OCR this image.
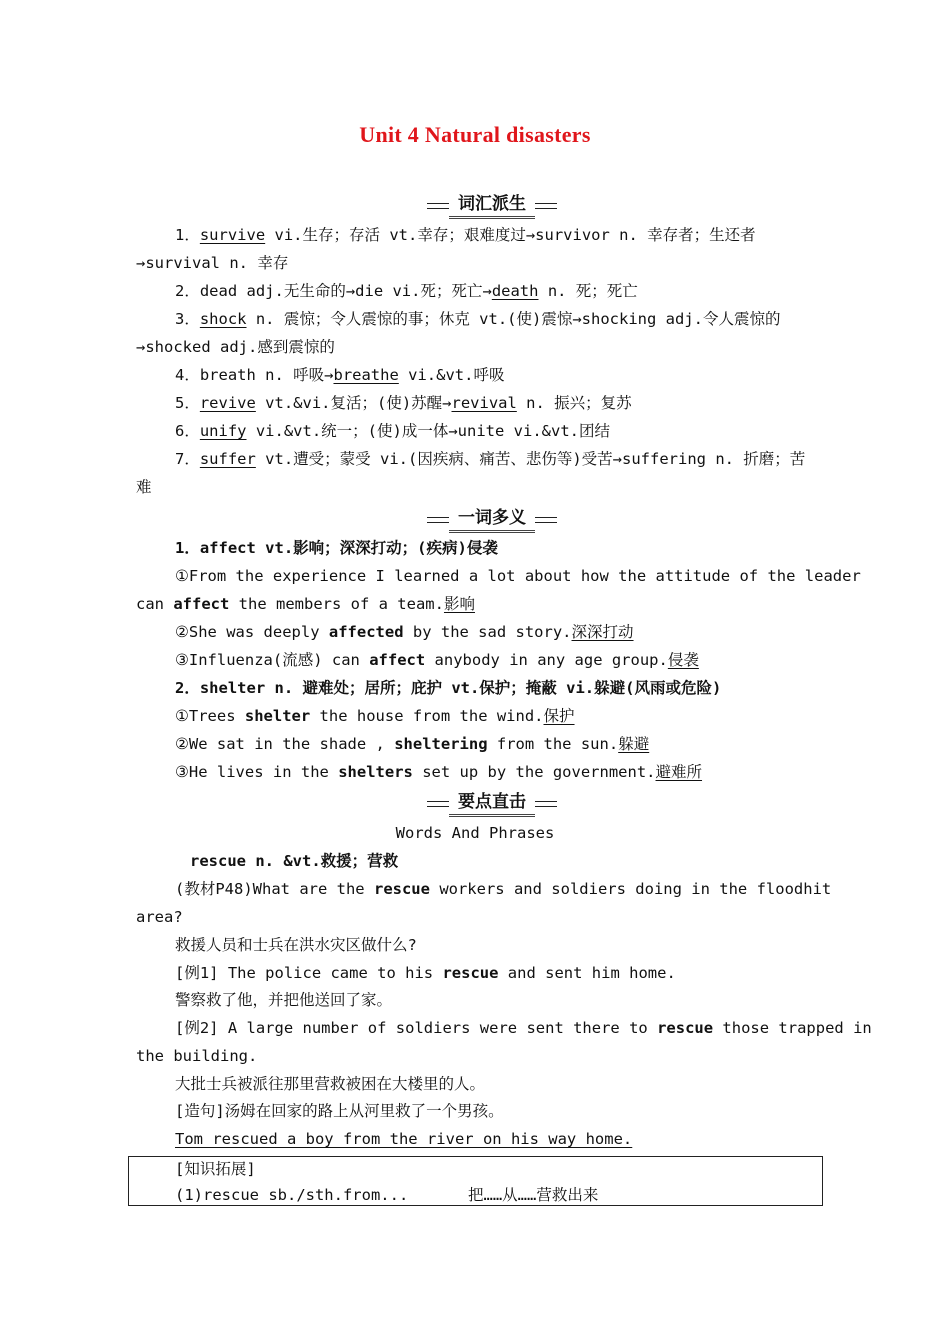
Unit 4 Natural disasters
词汇派生
1．survive vi.生存；存活 vt.幸存；艰难度过→survivor n. 幸存者；生还者
→survival n. 幸存
2．dead adj.无生命的→die vi.死；死亡→death n. 死；死亡
3．shock n. 震惊；令人震惊的事；休克 vt.(使)震惊→shocking adj.令人震惊的
→shocked adj.感到震惊的
4．breath n. 呼吸→breathe vi.&vt.呼吸
5．revive vt.&vi.复活；(使)苏醒→revival n. 振兴；复苏
6．unify vi.&vt.统一；(使)成一体→unite vi.&vt.团结
7．suffer vt.遭受；蒙受 vi.(因疾病、痛苦、悲伤等)受苦→suffering n. 折磨；苦
难
一词多义
1．affect vt.影响；深深打动；(疾病)侵袭
①From the experience I learned a lot about how the attitude of the leader
can affect the members of a team.影响
②She was deeply affected by the sad story.深深打动
③Influenza(流感) can affect anybody in any age group.侵袭
2．shelter n. 避难处；居所；庇护 vt.保护；掩蔽 vi.躲避(风雨或危险)
①Trees shelter the house from the wind.保护
②We sat in the shade , sheltering from the sun.躲避
③He lives in the shelters set up by the government.避难所
要点直击
Words And Phrases
rescue n. &vt.救援；营救
(教材P48)What are the rescue workers and soldiers doing in the floodhit
area?
救援人员和士兵在洪水灾区做什么?
[例1] The police came to his rescue and sent him home.
警察救了他，并把他送回了家。
[例2] A large number of soldiers were sent there to rescue those trapped in
the building.
大批士兵被派往那里营救被困在大楼里的人。
[造句]汤姆在回家的路上从河里救了一个男孩。
Tom rescued a boy from the river on his way home.
[知识拓展]
(1)rescue sb./sth.from...	把……从……营救出来
